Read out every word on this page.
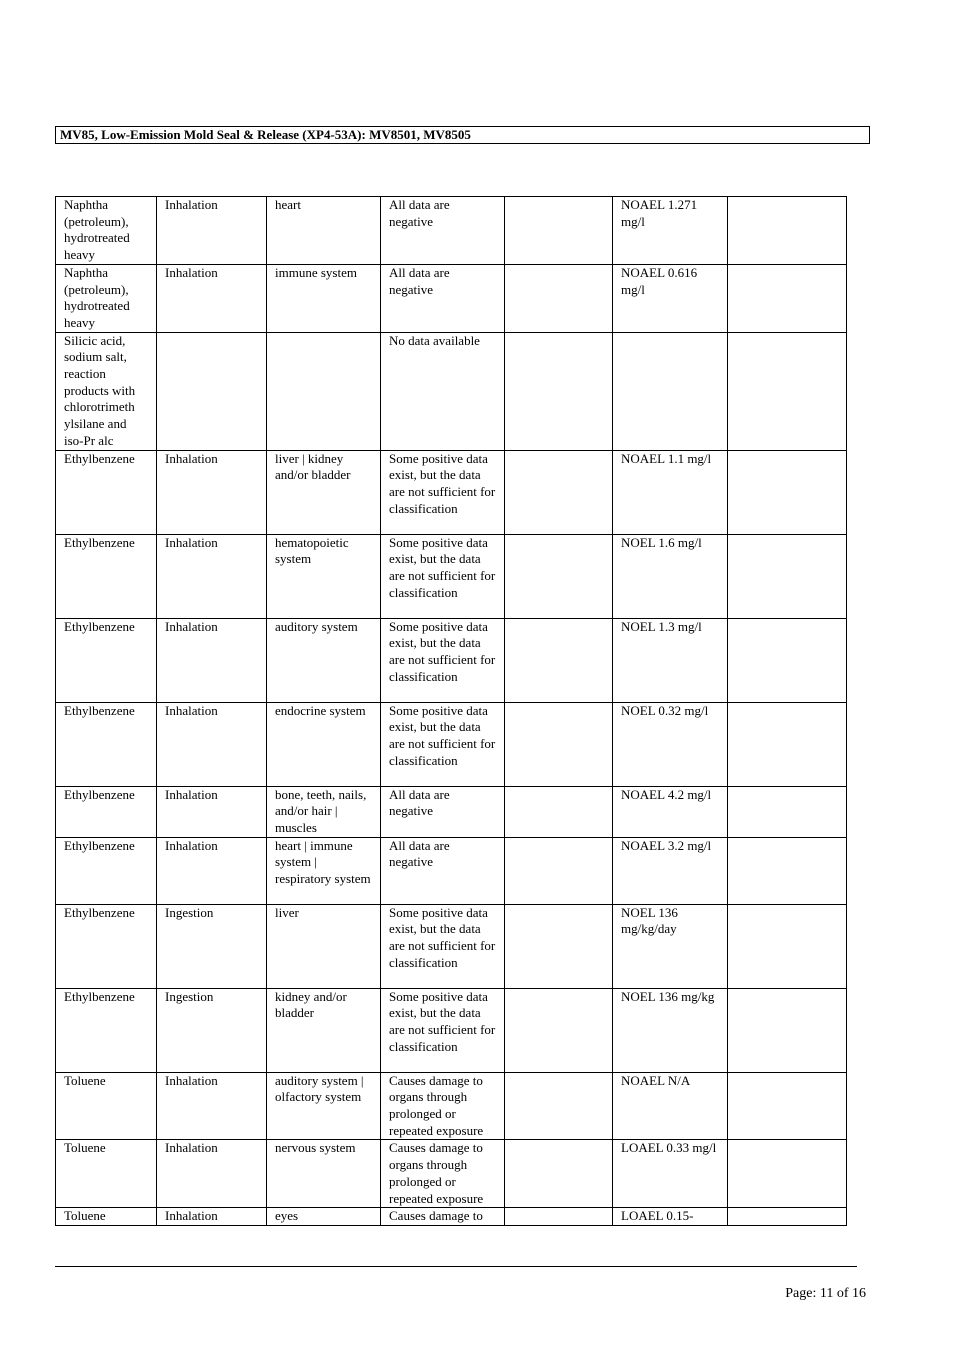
MV85, Low-Emission Mold Seal & Release (XP4-53A): MV8501, MV8505
Naphtha (petroleum), hydrotreated heavy	Inhalation	heart	All data are negative		NOAEL 1.271 mg/l	
Naphtha (petroleum), hydrotreated heavy	Inhalation	immune system	All data are negative		NOAEL 0.616 mg/l	
Silicic acid, sodium salt, reaction products with chlorotrimeth ylsilane and iso-Pr alc			No data available			
Ethylbenzene	Inhalation	liver | kidney and/or bladder	Some positive data exist, but the data are not sufficient for classification		NOAEL 1.1 mg/l	
Ethylbenzene	Inhalation	hematopoietic system	Some positive data exist, but the data are not sufficient for classification		NOEL 1.6 mg/l	
Ethylbenzene	Inhalation	auditory system	Some positive data exist, but the data are not sufficient for classification		NOEL 1.3 mg/l	
Ethylbenzene	Inhalation	endocrine system	Some positive data exist, but the data are not sufficient for classification		NOEL 0.32 mg/l	
Ethylbenzene	Inhalation	bone, teeth, nails, and/or hair | muscles	All data are negative		NOAEL 4.2 mg/l	
Ethylbenzene	Inhalation	heart | immune system | respiratory system	All data are negative		NOAEL 3.2 mg/l	
Ethylbenzene	Ingestion	liver	Some positive data exist, but the data are not sufficient for classification		NOEL 136 mg/kg/day	
Ethylbenzene	Ingestion	kidney and/or bladder	Some positive data exist, but the data are not sufficient for classification		NOEL 136 mg/kg	
Toluene	Inhalation	auditory system | olfactory system	Causes damage to organs through prolonged or repeated exposure		NOAEL N/A	
Toluene	Inhalation	nervous system	Causes damage to organs through prolonged or repeated exposure		LOAEL 0.33 mg/l	
Toluene	Inhalation	eyes	Causes damage to		LOAEL 0.15-	
Page: 11 of 16
